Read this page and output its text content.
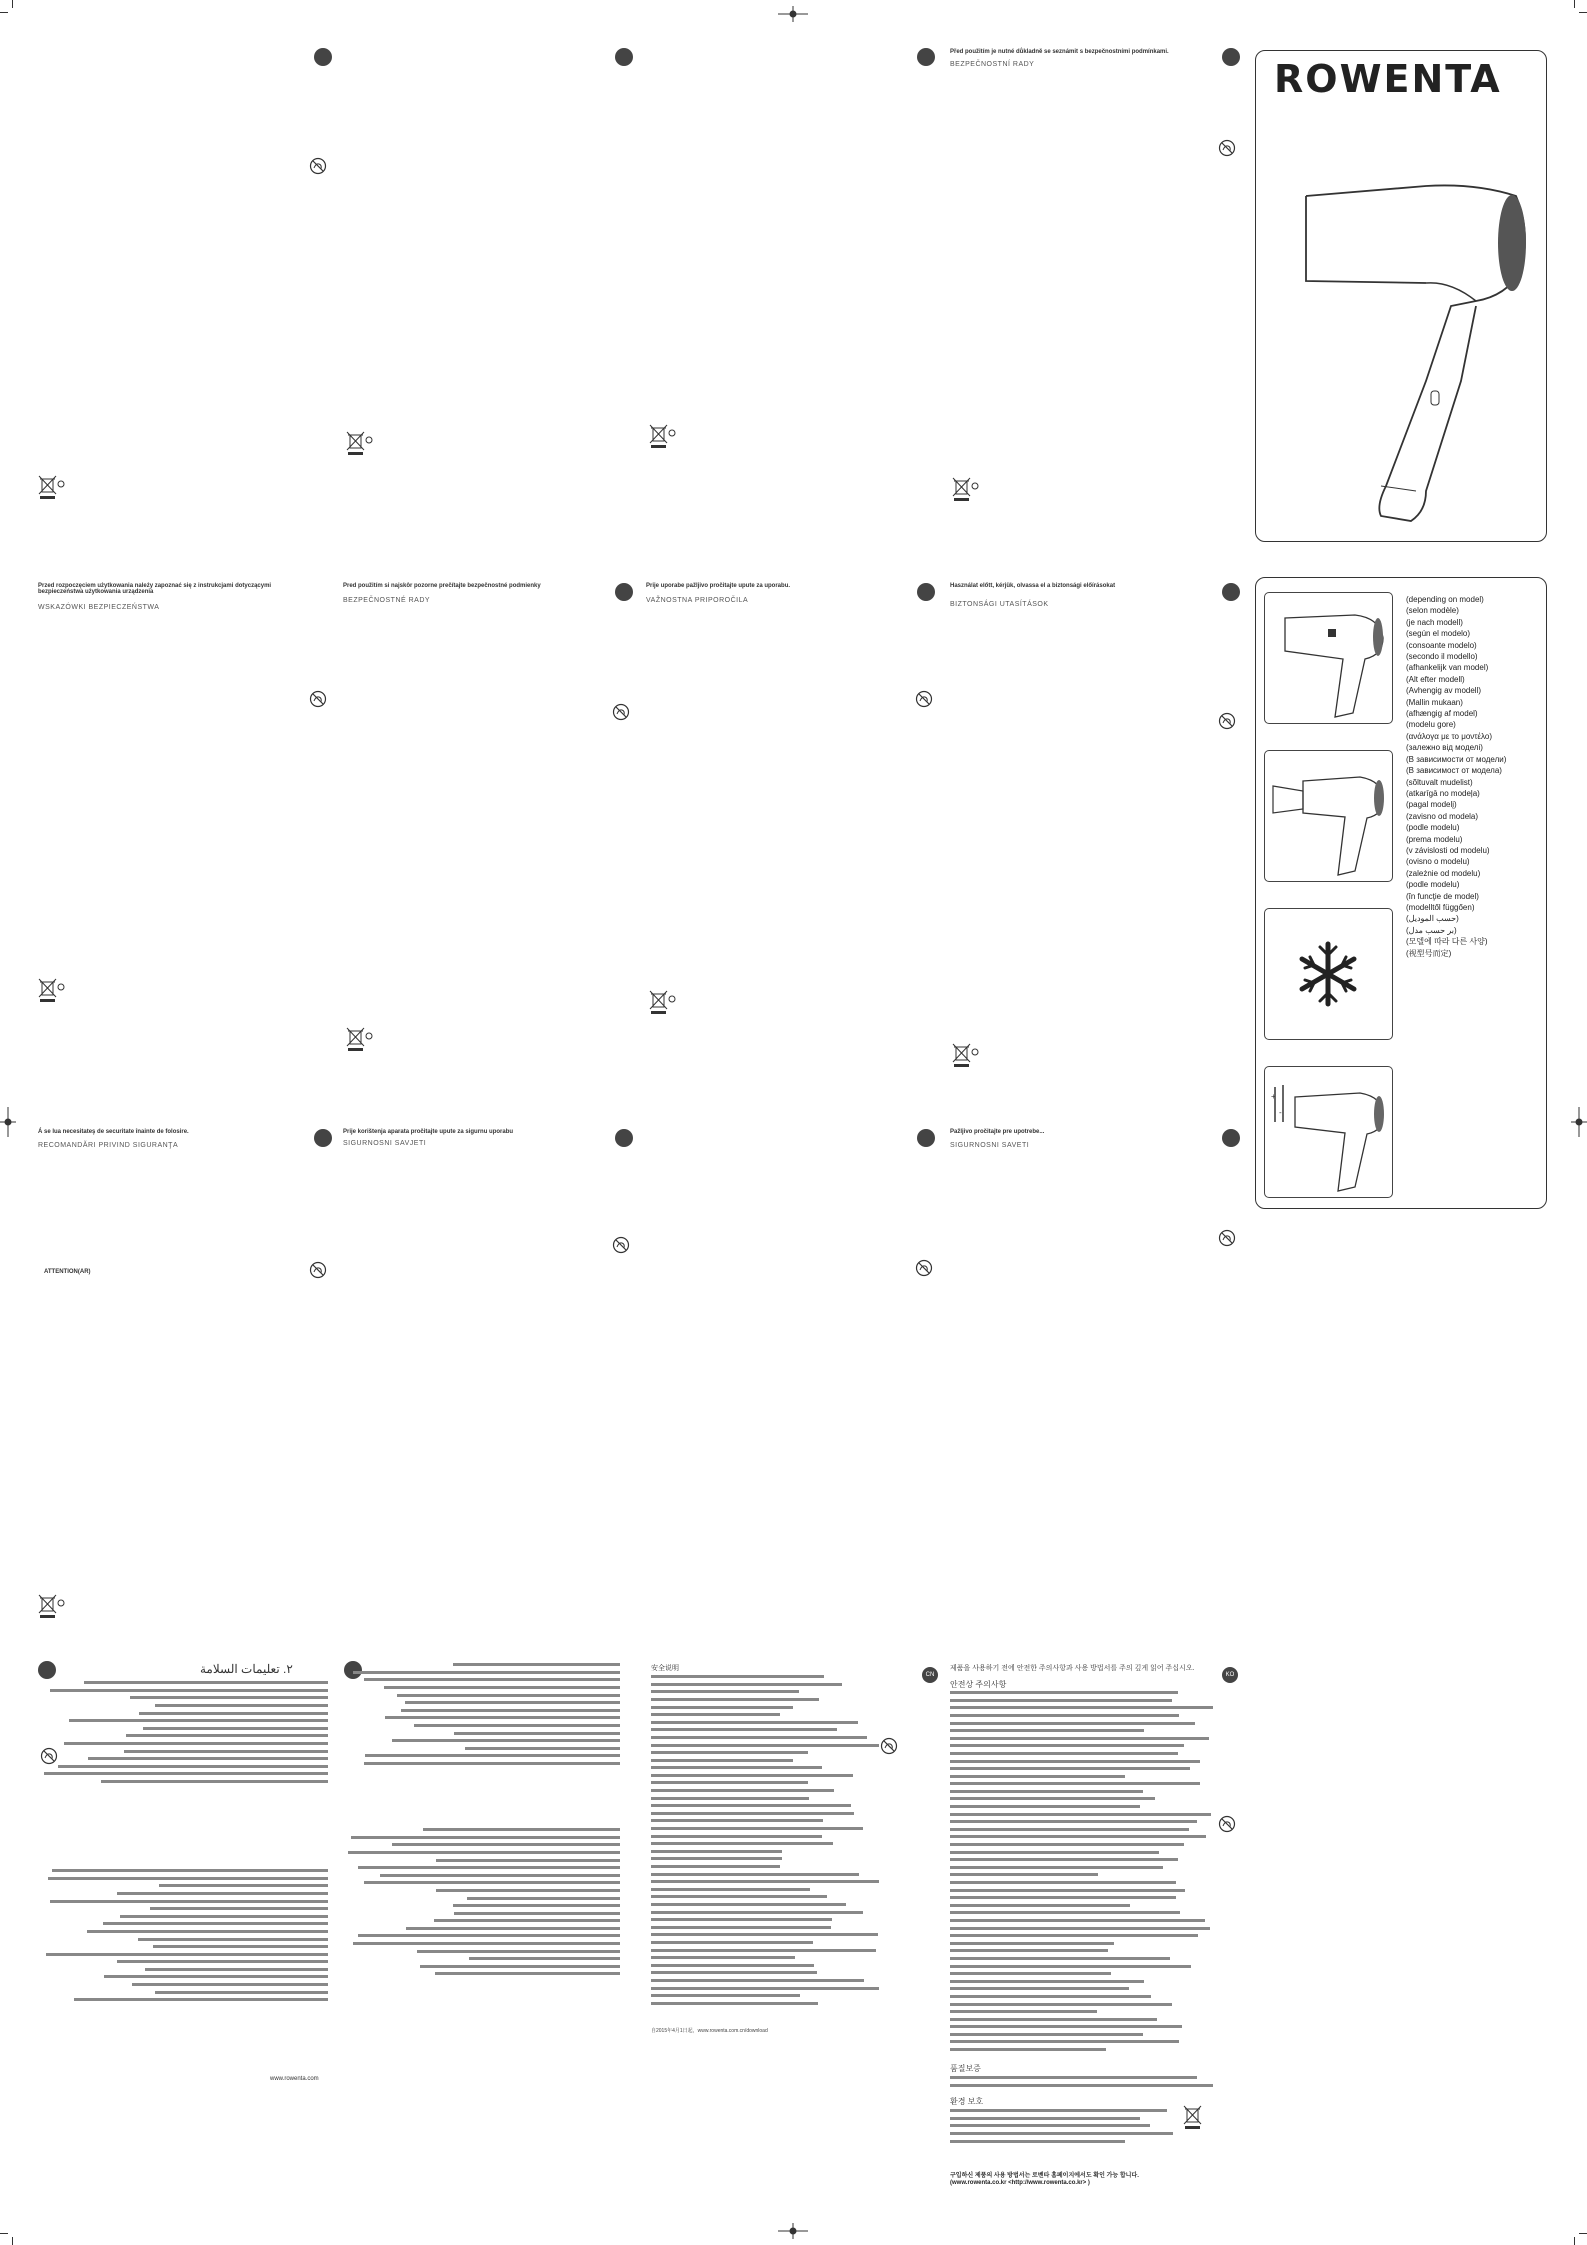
CN	KO
Před použitím je nutné důkladně se seznámit s bezpečnostními podmínkami.
BEZPEČNOSTNÍ RADY
Przed rozpoczęciem użytkowania należy zapoznać się z instrukcjami dotyczącymi bezpieczeństwa użytkowania urządzenia
WSKAZÓWKI BEZPIECZEŃSTWA
Pred použitím si najskôr pozorne prečítajte bezpečnostné podmienky
BEZPEČNOSTNÉ RADY
Prije uporabe pažljivo pročitajte upute za uporabu.
VAŽNOSTNA PRIPOROČILA
Használat előtt, kérjük, olvassa el a biztonsági előírásokat
BIZTONSÁGI UTASÍTÁSOK
Á se lua necesitateş de securitate înainte de folosire.
RECOMANDĂRI PRIVIND SIGURANŢA
Prije korištenja aparata pročitajte upute za sigurnu uporabu
SIGURNOSNI SAVJETI
Pažljivo pročitajte pre upotrebe...
SIGURNOSNI SAVETI
ATTENTION(AR)
ROWENTA
+
-
(depending on model)
(selon modèle)
(je nach modell)
(según el modelo)
(consoante modelo)
(secondo il modello)
(afhankelijk van model)
(Alt efter modell)
(Avhengig av modell)
(Mallin mukaan)
(afhængig af model)
(modelu gore)
(ανάλογα με το μοντέλο)
(залежно від моделі)
(В зависимости от модели)
(В зависимост от модела)
(sõltuvalt mudelist)
(atkarīgā no modeļa)
(pagal modelį)
(zavisno od modela)
(podle modelu)
(prema modelu)
(v závislosti od modelu)
(ovisno o modelu)
(zależnie od modelu)
(podle modelu)
(în funcţie de model)
(modelltől függően)
(حسب الموديل)
(بر حسب مدل)
(모델에 따라 다른 사양)
(视型号而定)
٢. تعليمات السلامة
www.rowenta.com
安全说明
自2015年4月1日起，www.rowenta.com.cn/download

제품을 사용하기 전에 안전한 주의사항과 사용 방법서를 주의 깊게 읽어 주십시오.

안전상 주의사항

품질보증
환경 보호
구입하신 제품의 사용 방법서는 로벤타 홈페이지에서도 확인 가능 합니다.
(www.rowenta.co.kr <http://www.rowenta.co.kr> )
